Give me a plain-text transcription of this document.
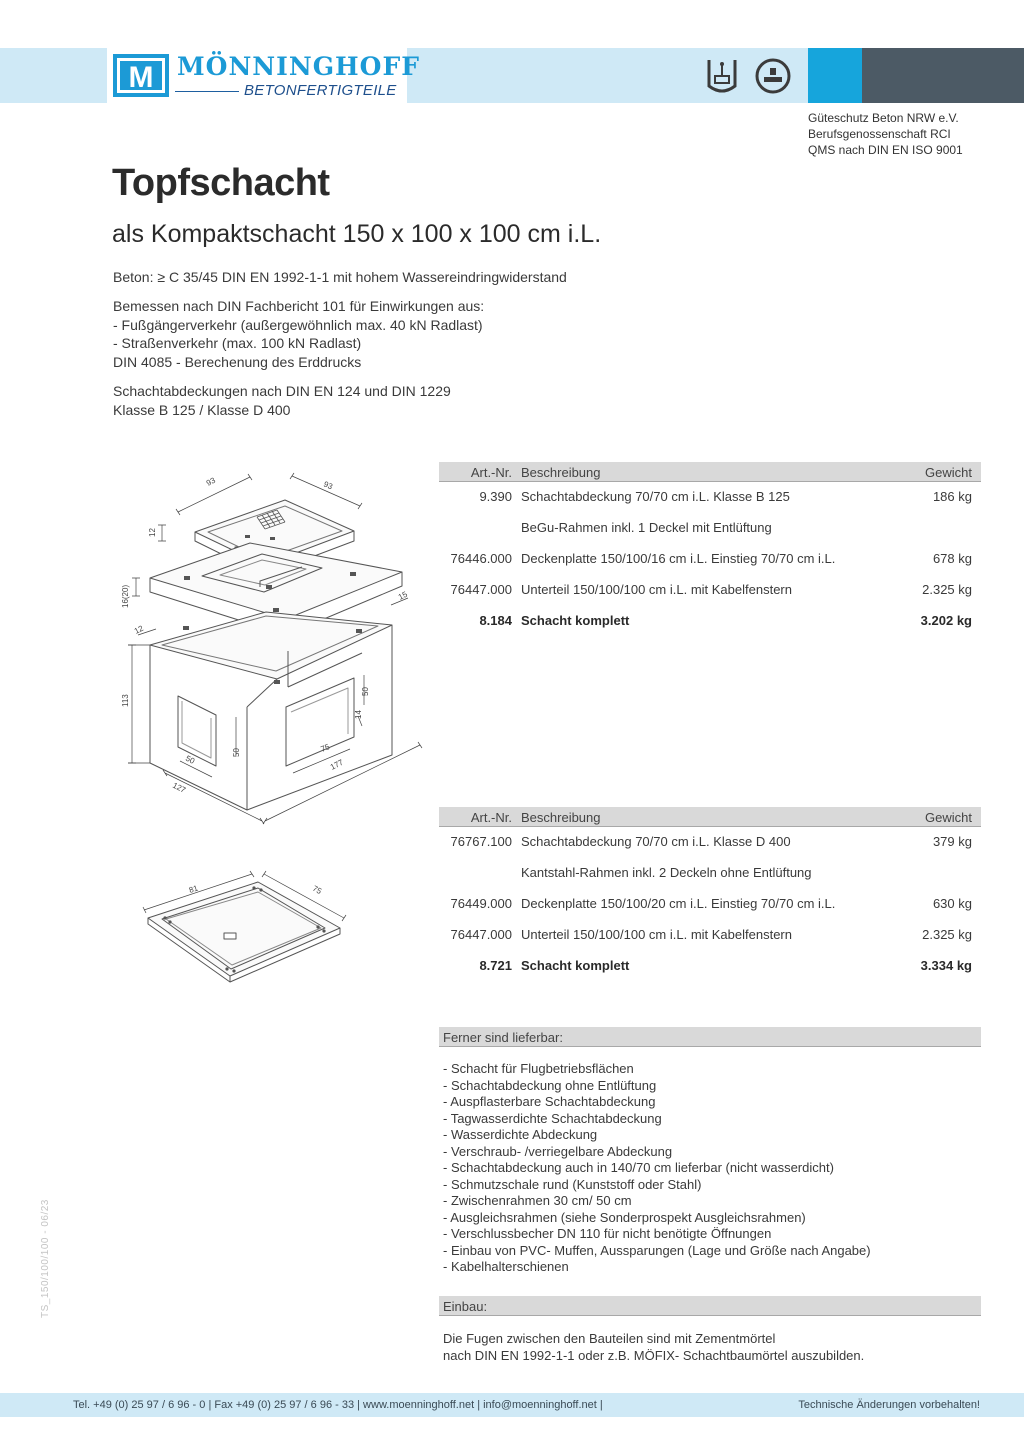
M MÖNNINGHOFF
BETONFERTIGTEILE
Güteschutz Beton NRW e.V.
Berufsgenossenschaft RCI
QMS nach DIN EN ISO 9001
Topfschacht
als Kompaktschacht 150 x 100 x 100 cm i.L.
Beton: ≥ C 35/45 DIN EN 1992-1-1 mit hohem Wassereindringwiderstand
Bemessen nach DIN Fachbericht 101 für Einwirkungen aus:
- Fußgängerverkehr (außergewöhnlich max. 40 kN Radlast)
- Straßenverkehr (max. 100 kN Radlast)
DIN 4085 - Berechenung des Erddrucks
Schachtabdeckungen nach DIN EN 124 und DIN 1229
Klasse B 125 / Klasse D 400
93	93
12
16(20)
12
113
50
50
50	75
14
127
177
15
81	75
Art.-Nr. Beschreibung	Gewicht
9.390 Schachtabdeckung 70/70 cm i.L. Klasse B 125	186 kg
BeGu-Rahmen inkl. 1 Deckel mit Entlüftung
76446.000 Deckenplatte 150/100/16 cm i.L. Einstieg 70/70 cm i.L.	678 kg
76447.000 Unterteil 150/100/100 cm i.L. mit Kabelfenstern	2.325 kg
8.184 Schacht komplett	3.202 kg
Art.-Nr. Beschreibung	Gewicht
76767.100 Schachtabdeckung 70/70 cm i.L. Klasse D 400	379 kg
Kantstahl-Rahmen inkl. 2 Deckeln ohne Entlüftung
76449.000 Deckenplatte 150/100/20 cm i.L. Einstieg 70/70 cm i.L.	630 kg
76447.000 Unterteil 150/100/100 cm i.L. mit Kabelfenstern	2.325 kg
8.721 Schacht komplett	3.334 kg
Ferner sind lieferbar:
- Schacht für Flugbetriebsflächen
- Schachtabdeckung ohne Entlüftung
- Auspflasterbare Schachtabdeckung
- Tagwasserdichte Schachtabdeckung
- Wasserdichte Abdeckung
- Verschraub- /verriegelbare Abdeckung
- Schachtabdeckung auch in 140/70 cm lieferbar (nicht wasserdicht)
- Schmutzschale rund (Kunststoff oder Stahl)
- Zwischenrahmen 30 cm/ 50 cm
- Ausgleichsrahmen (siehe Sonderprospekt Ausgleichsrahmen)
- Verschlussbecher DN 110 für nicht benötigte Öffnungen
- Einbau von PVC- Muffen, Aussparungen (Lage und Größe nach Angabe)
- Kabelhalterschienen
Einbau:
Die Fugen zwischen den Bauteilen sind mit Zementmörtel
nach DIN EN 1992-1-1 oder z.B. MÖFIX- Schachtbaumörtel auszubilden.
TS_150/100/100 - 06/23
Tel. +49 (0) 25 97 / 6 96 - 0 | Fax +49 (0) 25 97 / 6 96 - 33 | www.moenninghoff.net | info@moenninghoff.net |	Technische Änderungen vorbehalten!
